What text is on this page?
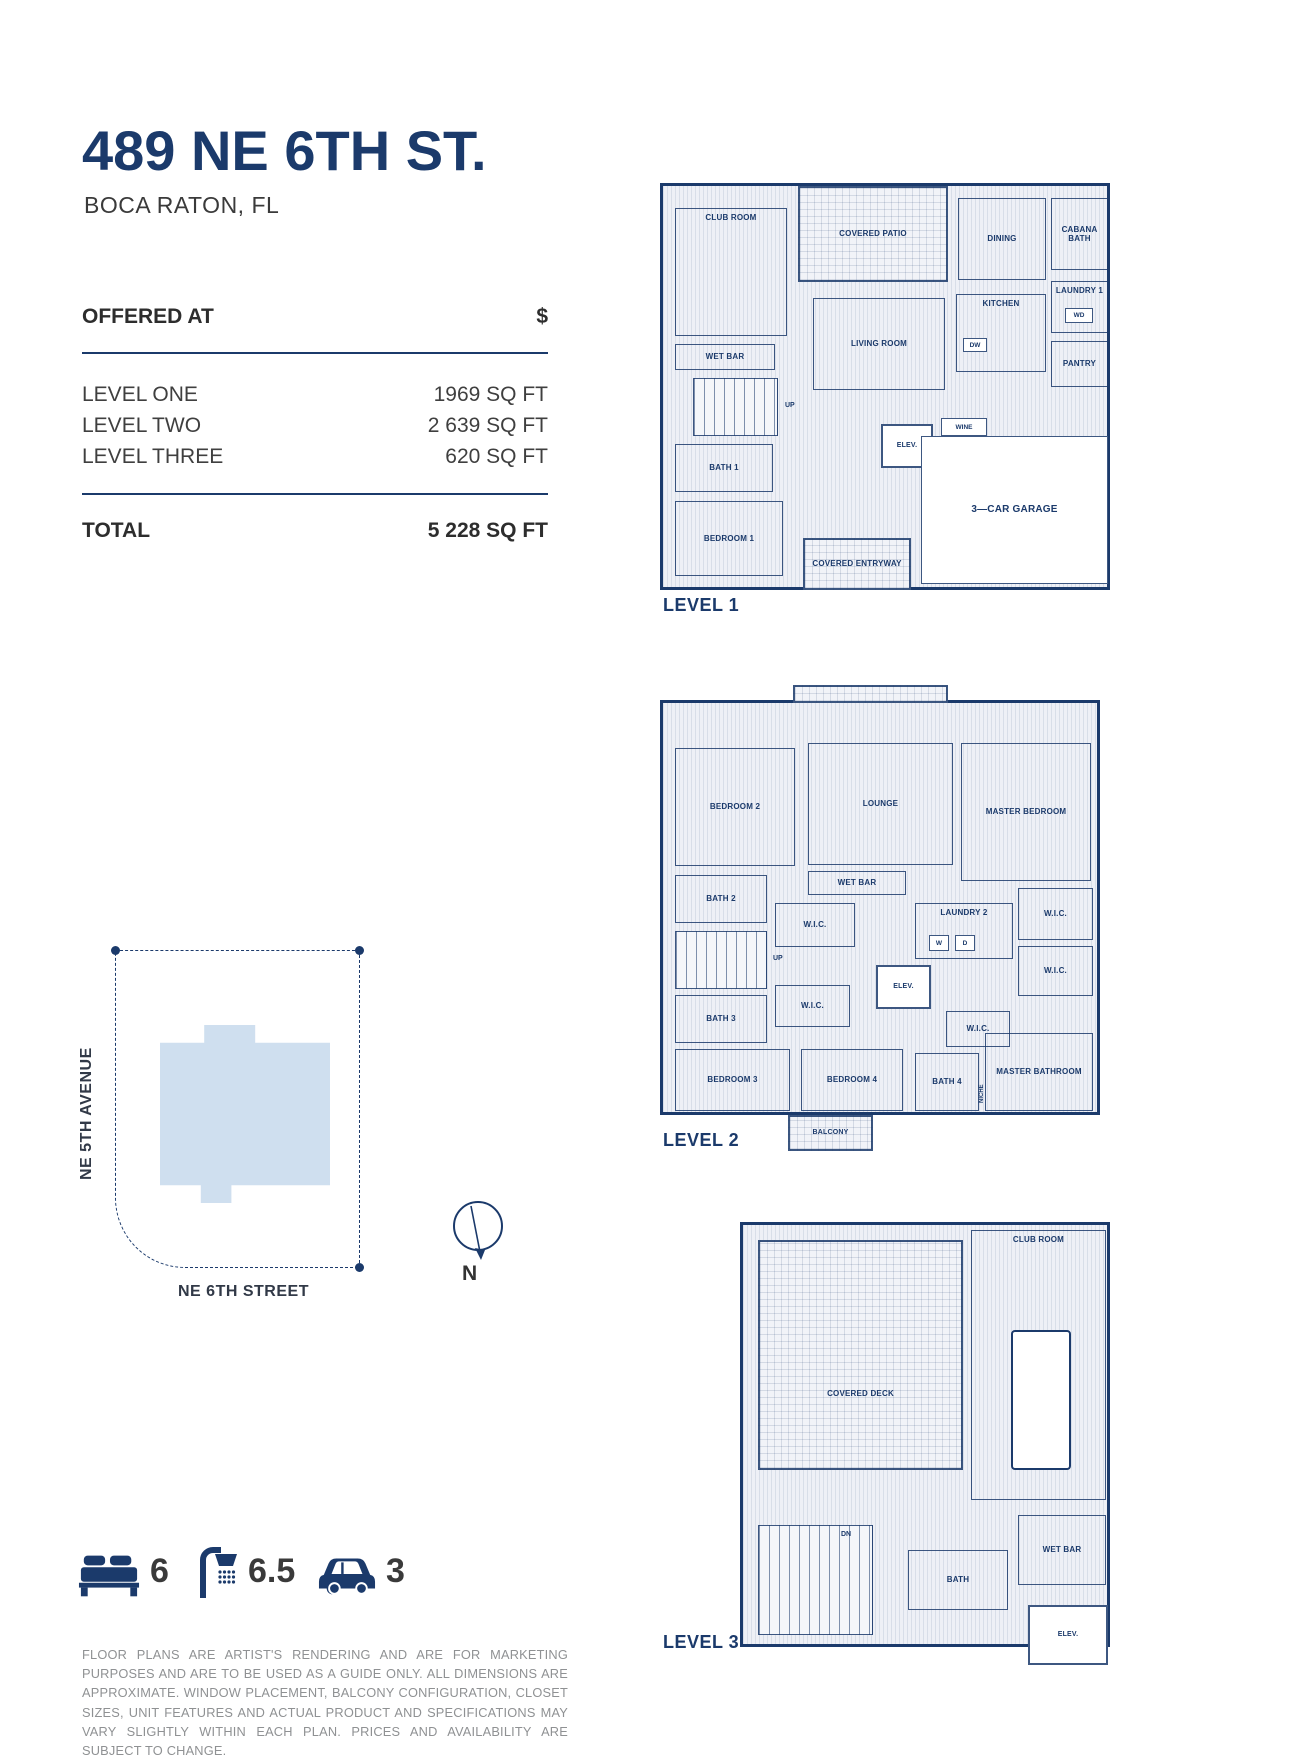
489 NE 6TH ST.
BOCA RATON, FL
OFFERED AT	$
LEVEL ONE	1969 SQ FT
LEVEL TWO	2 639 SQ FT
LEVEL THREE	620 SQ FT
TOTAL	5 228 SQ FT
CLUB ROOM
COVERED PATIO
DINING
CABANA BATH
WET BAR
LAUNDRY 1
WD
KITCHEN
DW
PANTRY
LIVING ROOM
UP
BATH 1
ELEV.
WINE
BEDROOM 1
COVERED ENTRYWAY
3—CAR GARAGE
LEVEL 1
BEDROOM 2	LOUNGE
MASTER BEDROOM
WET BAR
BATH 2
W.I.C.
LAUNDRY 2
W	D
W.I.C.
UP
ELEV.
BATH 3
W.I.C.
W.I.C.
W.I.C.
BEDROOM 3	BEDROOM 4	BATH 4
NICHE
MASTER BATHROOM
BALCONY
LEVEL 2
COVERED DECK
CLUB ROOM
DN
BATH
WET BAR
ELEV.
LEVEL 3
NE 5TH AVENUE
NE 6TH STREET
N
6 6.5	3
FLOOR PLANS ARE ARTIST'S RENDERING AND ARE FOR MARKETING PURPOSES AND ARE TO BE USED AS A GUIDE ONLY. ALL DIMENSIONS ARE APPROXIMATE. WINDOW PLACEMENT, BALCONY CONFIGURATION, CLOSET SIZES, UNIT FEATURES AND ACTUAL PRODUCT AND SPECIFICATIONS MAY VARY SLIGHTLY WITHIN EACH PLAN. PRICES AND AVAILABILITY ARE SUBJECT TO CHANGE.
